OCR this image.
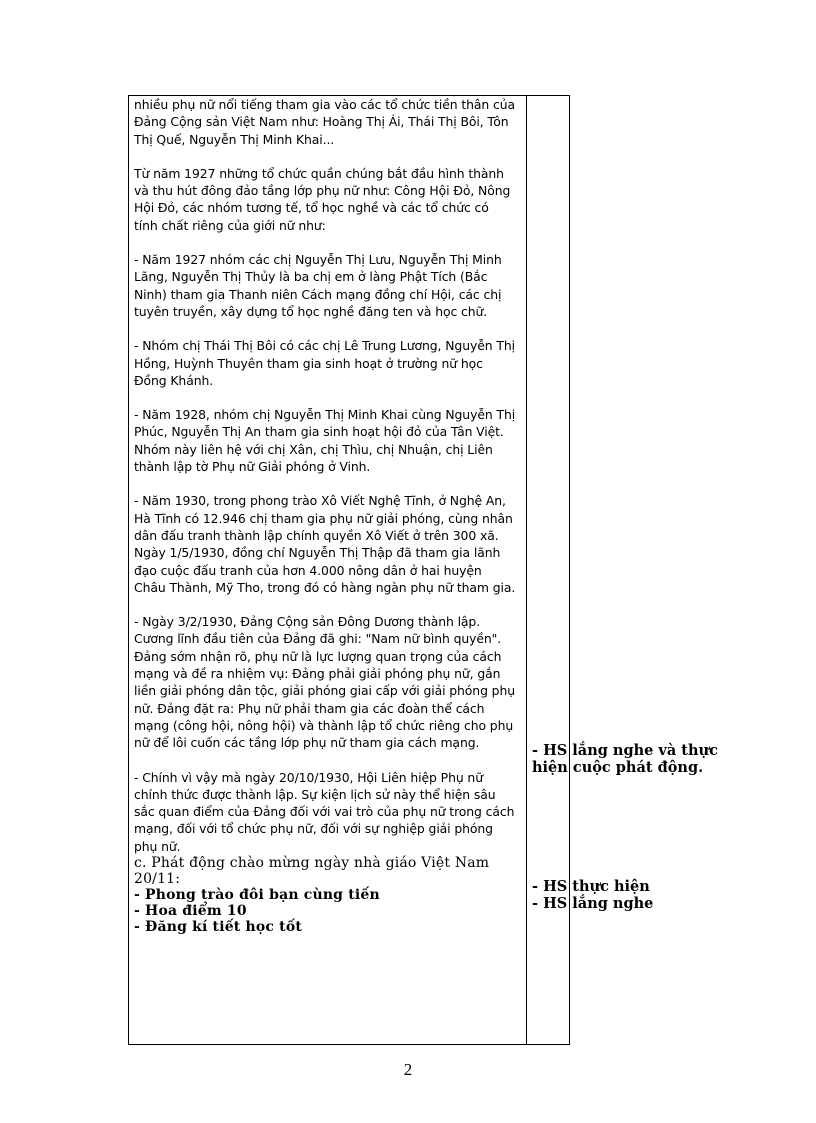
nhiều phụ nữ nổi tiếng tham gia vào các tổ chức tiền thân của Đảng Cộng sản Việt Nam như: Hoàng Thị Ái, Thái Thị Bôi, Tôn Thị Quế, Nguyễn Thị Minh Khai...

Từ năm 1927 những tổ chức quần chúng bắt đầu hình thành và thu hút đông đảo tầng lớp phụ nữ như: Công Hội Đỏ, Nông Hội Đỏ, các nhóm tương tế, tổ học nghề và các tổ chức có tính chất riêng của giới nữ như:

- Năm 1927 nhóm các chị Nguyễn Thị Lưu, Nguyễn Thị Minh Lãng, Nguyễn Thị Thủy là ba chị em ở làng Phật Tích (Bắc Ninh) tham gia Thanh niên Cách mạng đồng chí Hội, các chị tuyên truyền, xây dựng tổ học nghề đăng ten và học chữ.

- Nhóm chị Thái Thị Bôi có các chị Lê Trung Lương, Nguyễn Thị Hồng, Huỳnh Thuyên tham gia sinh hoạt ở trường nữ học Đồng Khánh.

- Năm 1928, nhóm chị Nguyễn Thị Minh Khai cùng Nguyễn Thị Phúc, Nguyễn Thị An tham gia sinh hoạt hội đỏ của Tân Việt. Nhóm này liên hệ với chị Xân, chị Thìu, chị Nhuận, chị Liên thành lập tờ Phụ nữ Giải phóng ở Vinh.

- Năm 1930, trong phong trào Xô Viết Nghệ Tĩnh, ở Nghệ An, Hà Tĩnh có 12.946 chị tham gia phụ nữ giải phóng, cùng nhân dân đấu tranh thành lập chính quyền Xô Viết ở trên 300 xã. Ngày 1/5/1930, đồng chí Nguyễn Thị Thập đã tham gia lãnh đạo cuộc đấu tranh của hơn 4.000 nông dân ở hai huyện Châu Thành, Mỹ Tho, trong đó có hàng ngàn phụ nữ tham gia.

- Ngày 3/2/1930, Đảng Cộng sản Đông Dương thành lập. Cương lĩnh đầu tiên của Đảng đã ghi: "Nam nữ bình quyền". Đảng sớm nhận rõ, phụ nữ là lực lượng quan trọng của cách mạng và đề ra nhiệm vụ: Đảng phải giải phóng phụ nữ, gắn liền giải phóng dân tộc, giải phóng giai cấp với giải phóng phụ nữ. Đảng đặt ra: Phụ nữ phải tham gia các đoàn thể cách mạng (công hội, nông hội) và thành lập tổ chức riêng cho phụ nữ để lôi cuốn các tầng lớp phụ nữ tham gia cách mạng.

- Chính vì vậy mà ngày 20/10/1930, Hội Liên hiệp Phụ nữ chính thức được thành lập. Sự kiện lịch sử này thể hiện sâu sắc quan điểm của Đảng đối với vai trò của phụ nữ trong cách mạng, đối với tổ chức phụ nữ, đối với sự nghiệp giải phóng phụ nữ.

c. Phát động chào mừng ngày nhà giáo Việt Nam 20/11:
- Phong trào đôi bạn cùng tiến
- Hoa điểm 10
- Đăng kí tiết học tốt
- HS lắng nghe và thực hiện cuộc phát động.
- HS thực hiện
- HS lắng nghe
2
